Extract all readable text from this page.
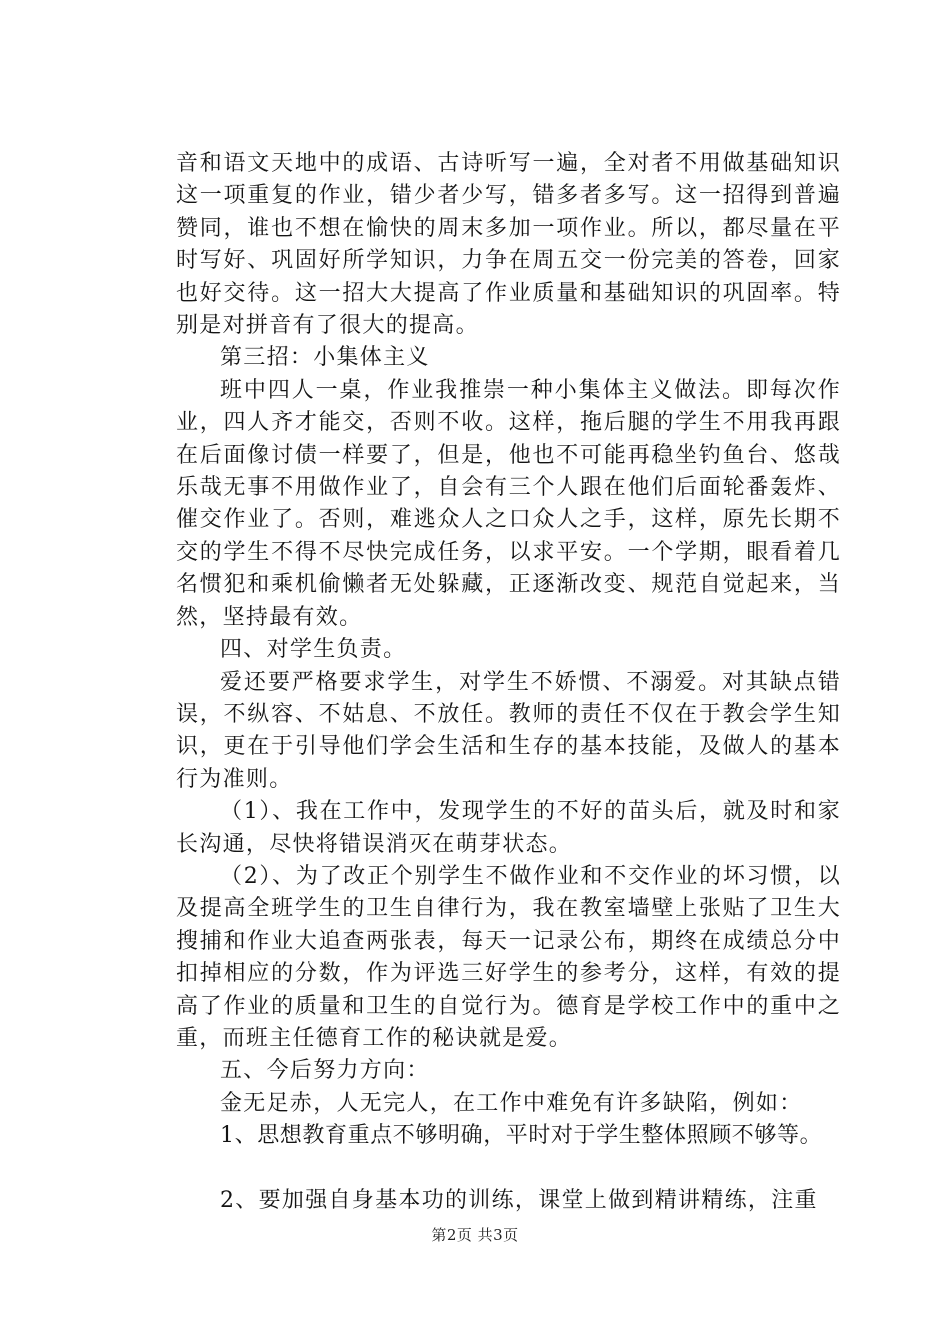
音和语文天地中的成语、古诗听写一遍，全对者不用做基础知识这一项重复的作业，错少者少写，错多者多写。这一招得到普遍赞同，谁也不想在愉快的周末多加一项作业。所以，都尽量在平时写好、巩固好所学知识，力争在周五交一份完美的答卷，回家也好交待。这一招大大提高了作业质量和基础知识的巩固率。特别是对拼音有了很大的提高。

第三招：小集体主义

班中四人一桌，作业我推崇一种小集体主义做法。即每次作业，四人齐才能交，否则不收。这样，拖后腿的学生不用我再跟在后面像讨债一样要了，但是，他也不可能再稳坐钓鱼台、悠哉乐哉无事不用做作业了，自会有三个人跟在他们后面轮番轰炸、催交作业了。否则，难逃众人之口众人之手，这样，原先长期不交的学生不得不尽快完成任务，以求平安。一个学期，眼看着几名惯犯和乘机偷懒者无处躲藏，正逐渐改变、规范自觉起来，当然，坚持最有效。

四、对学生负责。

爱还要严格要求学生，对学生不娇惯、不溺爱。对其缺点错误，不纵容、不姑息、不放任。教师的责任不仅在于教会学生知识，更在于引导他们学会生活和生存的基本技能，及做人的基本行为准则。

（1）、我在工作中，发现学生的不好的苗头后，就及时和家长沟通，尽快将错误消灭在萌芽状态。

（2）、为了改正个别学生不做作业和不交作业的坏习惯，以及提高全班学生的卫生自律行为，我在教室墙壁上张贴了卫生大搜捕和作业大追查两张表，每天一记录公布，期终在成绩总分中扣掉相应的分数，作为评选三好学生的参考分，这样，有效的提高了作业的质量和卫生的自觉行为。德育是学校工作中的重中之重，而班主任德育工作的秘诀就是爱。

五、今后努力方向：

金无足赤，人无完人，在工作中难免有许多缺陷，例如：

1、思想教育重点不够明确，平时对于学生整体照顾不够等。

2、要加强自身基本功的训练，课堂上做到精讲精练，注重

第2页 共3页
